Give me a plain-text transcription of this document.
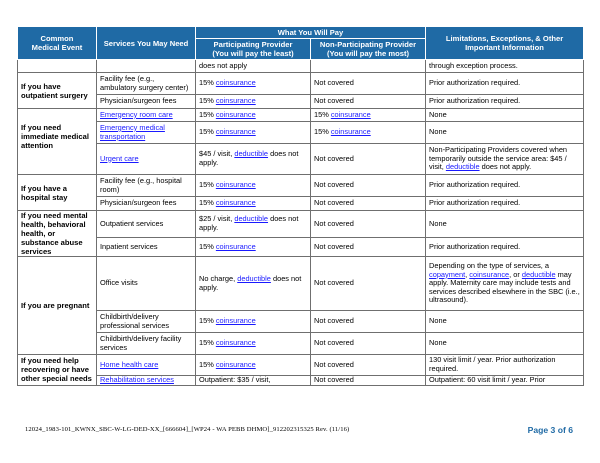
Common
Medical Event	Services You May Need	What You Will Pay		Limitations, Exceptions, & Other
Important Information
		Participating Provider
(You will pay the least)	Non-Participating Provider
(You will pay the most)	
		does not apply		through exception process.
If you have outpatient surgery	Facility fee (e.g., ambulatory surgery center)	15% coinsurance	Not covered	Prior authorization required.
	Physician/surgeon fees	15% coinsurance	Not covered	Prior authorization required.
If you need immediate medical attention	Emergency room care	15% coinsurance	15% coinsurance	None
	Emergency medical transportation	15% coinsurance	15% coinsurance	None
	Urgent care	$45 / visit, deductible does not apply.	Not covered	Non-Participating Providers covered when temporarily outside the service area: $45 / visit, deductible does not apply.
If you have a hospital stay	Facility fee (e.g., hospital room)	15% coinsurance	Not covered	Prior authorization required.
	Physician/surgeon fees	15% coinsurance	Not covered	Prior authorization required.
If you need mental health, behavioral health, or substance abuse services	Outpatient services	$25 / visit, deductible does not apply.	Not covered	None
	Inpatient services	15% coinsurance	Not covered	Prior authorization required.
If you are pregnant	Office visits	No charge, deductible does not apply.	Not covered	Depending on the type of services, a copayment, coinsurance, or deductible may apply. Maternity care may include tests and services described elsewhere in the SBC (i.e., ultrasound).
	Childbirth/delivery professional services	15% coinsurance	Not covered	None
	Childbirth/delivery facility services	15% coinsurance	Not covered	None
If you need help recovering or have other special needs	Home health care	15% coinsurance	Not covered	130 visit limit / year. Prior authorization required.
	Rehabilitation services	Outpatient: $35 / visit,	Not covered	Outpatient: 60 visit limit / year. Prior
12024_1983-101_KWNX_SBC-W-LG-DED-XX_[666604]_[WP24 - WA PEBB DHMO]_912202315325 Rev. (11/16)	Page 3 of 6
